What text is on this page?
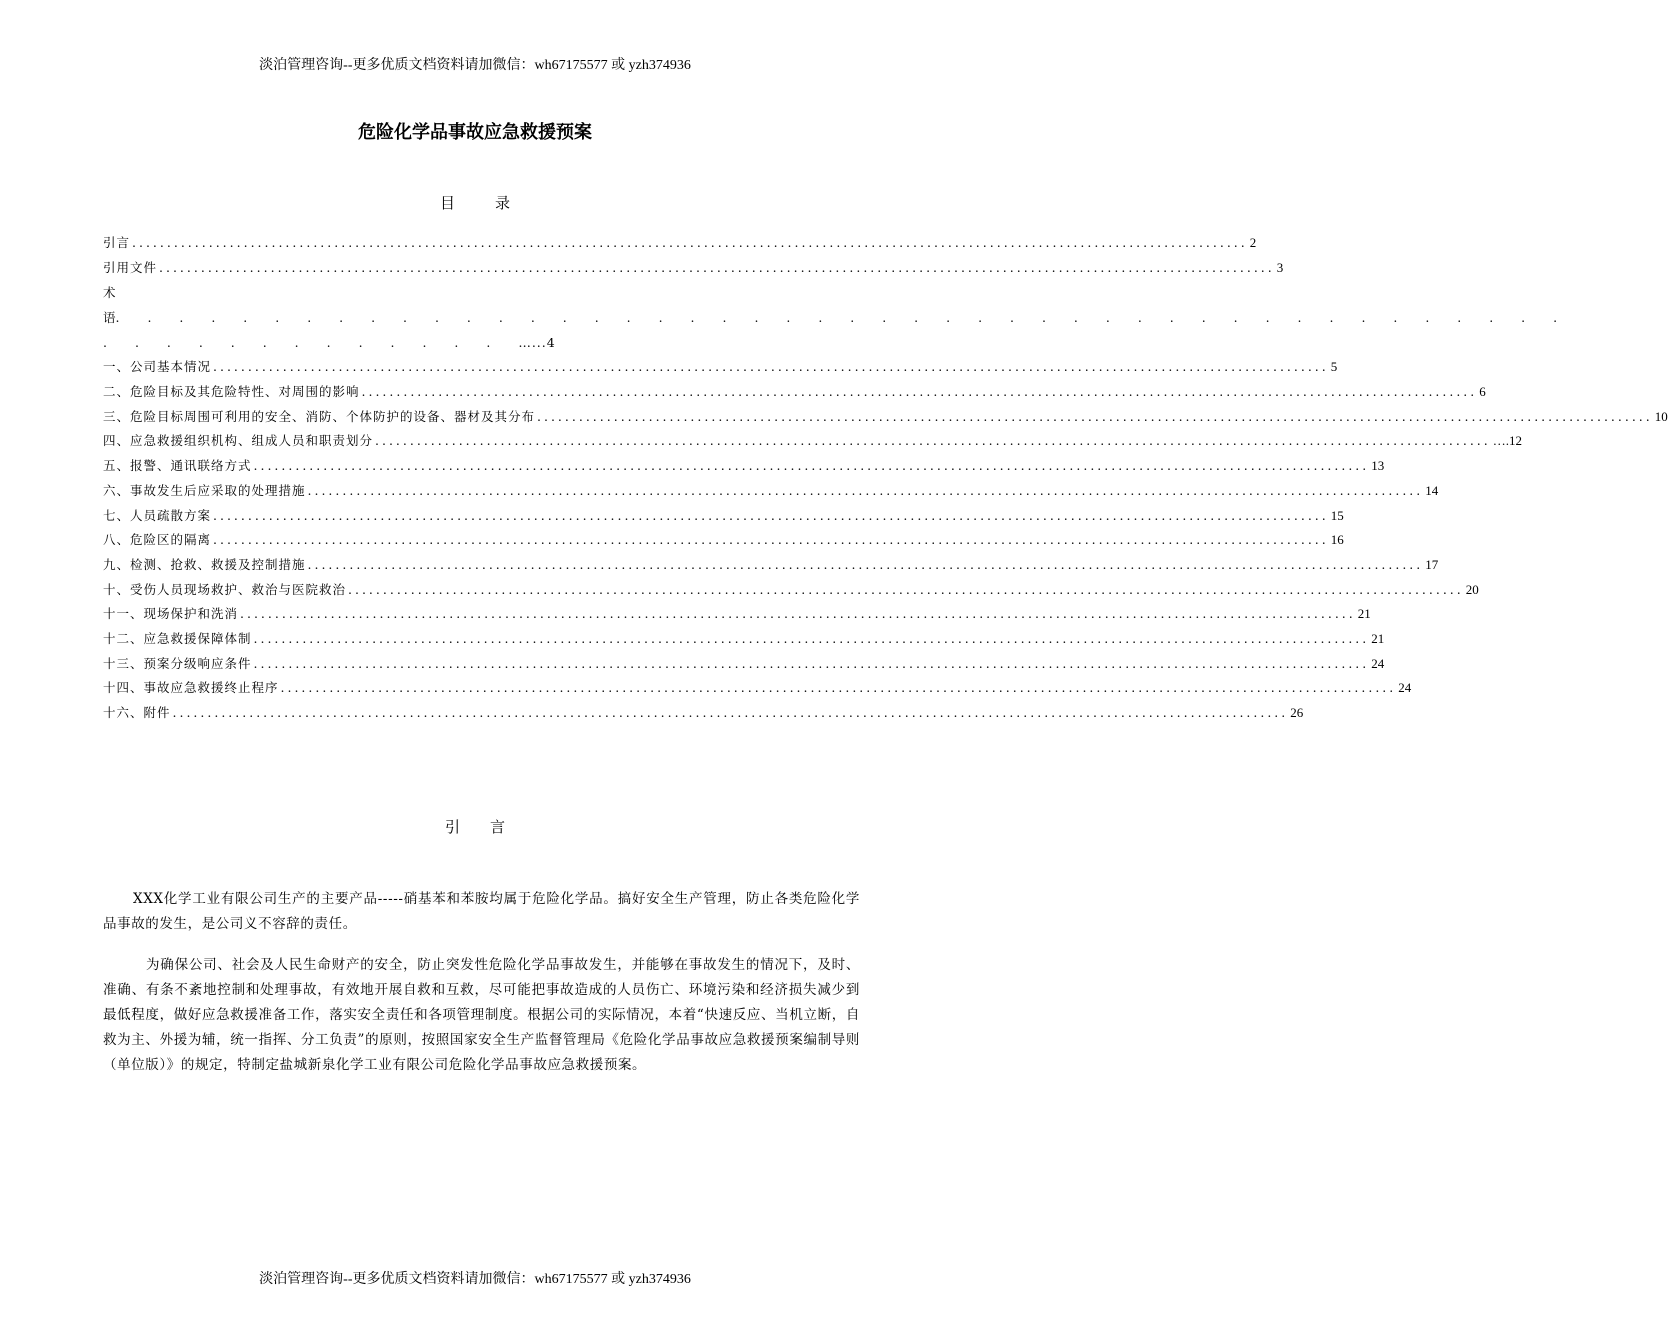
淡泊管理咨询--更多优质文档资料请加微信：wh67175577 或 yzh374936
危险化学品事故应急救援预案
目录
引言 .....	2
引用文件 .....	3
术
语. . . . . . . . . . . . . . . . . . . . . . . . . . . . . . . . . . . . . . . . . . . . . .
. . . . . . . . . . . . . …...4
一、公司基本情况 .....	5
二、危险目标及其危险特性、对周围的影响 .....	6
三、危险目标周围可利用的安全、消防、个体防护的设备、器材及其分布 .....	10
四、应急救援组织机构、组成人员和职责划分 .....	….12
五、报警、通讯联络方式 .....	13
六、事故发生后应采取的处理措施 .....	14
七、人员疏散方案 .....	15
八、危险区的隔离 .....	16
九、检测、抢救、救援及控制措施 .....	17
十、受伤人员现场救护、救治与医院救治 .....	20
十一、现场保护和洗消 .....	21
十二、应急救援保障体制 .....	21
十三、预案分级响应条件 .....	24
十四、事故应急救援终止程序 .....	24
十六、附件 .....	26
引言
XXX化学工业有限公司生产的主要产品-----硝基苯和苯胺均属于危险化学品。搞好安全生产管理，防止各类危险化学品事故的发生，是公司义不容辞的责任。
为确保公司、社会及人民生命财产的安全，防止突发性危险化学品事故发生，并能够在事故发生的情况下，及时、准确、有条不紊地控制和处理事故，有效地开展自救和互救，尽可能把事故造成的人员伤亡、环境污染和经济损失减少到最低程度，做好应急救援准备工作，落实安全责任和各项管理制度。根据公司的实际情况，本着“快速反应、当机立断，自救为主、外援为辅，统一指挥、分工负责”的原则，按照国家安全生产监督管理局《危险化学品事故应急救援预案编制导则（单位版）》的规定，特制定盐城新泉化学工业有限公司危险化学品事故应急救援预案。
淡泊管理咨询--更多优质文档资料请加微信：wh67175577 或 yzh374936
